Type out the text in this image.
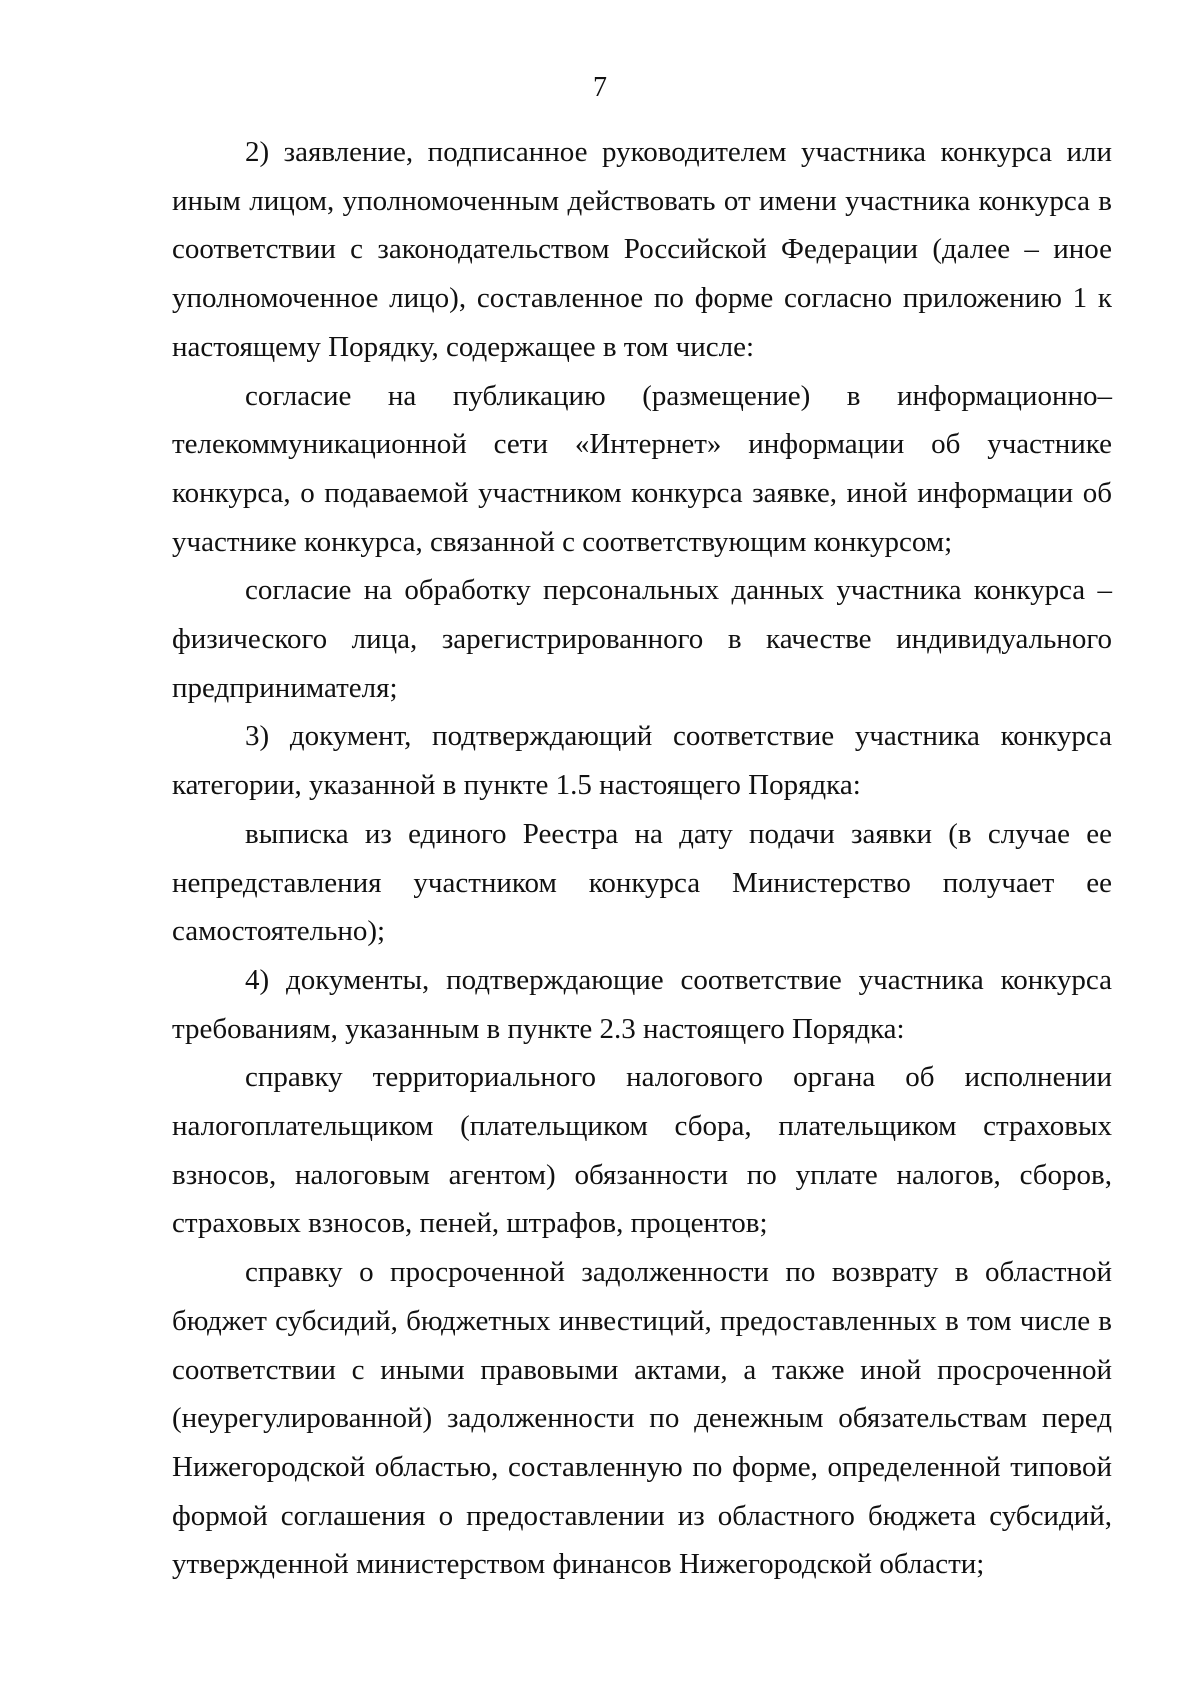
7

2) заявление, подписанное руководителем участника конкурса или иным лицом, уполномоченным действовать от имени участника конкурса в соответствии с законодательством Российской Федерации (далее – иное уполномоченное лицо), составленное по форме согласно приложению 1 к настоящему Порядку, содержащее в том числе:

согласие на публикацию (размещение) в информационно–телекоммуникационной сети «Интернет» информации об участнике конкурса, о подаваемой участником конкурса заявке, иной информации об участнике конкурса, связанной с соответствующим конкурсом;

согласие на обработку персональных данных участника конкурса – физического лица, зарегистрированного в качестве индивидуального предпринимателя;

3) документ, подтверждающий соответствие участника конкурса категории, указанной в пункте 1.5 настоящего Порядка:

выписка из единого Реестра на дату подачи заявки (в случае ее непредставления участником конкурса Министерство получает ее самостоятельно);

4) документы, подтверждающие соответствие участника конкурса требованиям, указанным в пункте 2.3 настоящего Порядка:

справку территориального налогового органа об исполнении налогоплательщиком (плательщиком сбора, плательщиком страховых взносов, налоговым агентом) обязанности по уплате налогов, сборов, страховых взносов, пеней, штрафов, процентов;

справку о просроченной задолженности по возврату в областной бюджет субсидий, бюджетных инвестиций, предоставленных в том числе в соответствии с иными правовыми актами, а также иной просроченной (неурегулированной) задолженности по денежным обязательствам перед Нижегородской областью, составленную по форме, определенной типовой формой соглашения о предоставлении из областного бюджета субсидий, утвержденной министерством финансов Нижегородской области;
